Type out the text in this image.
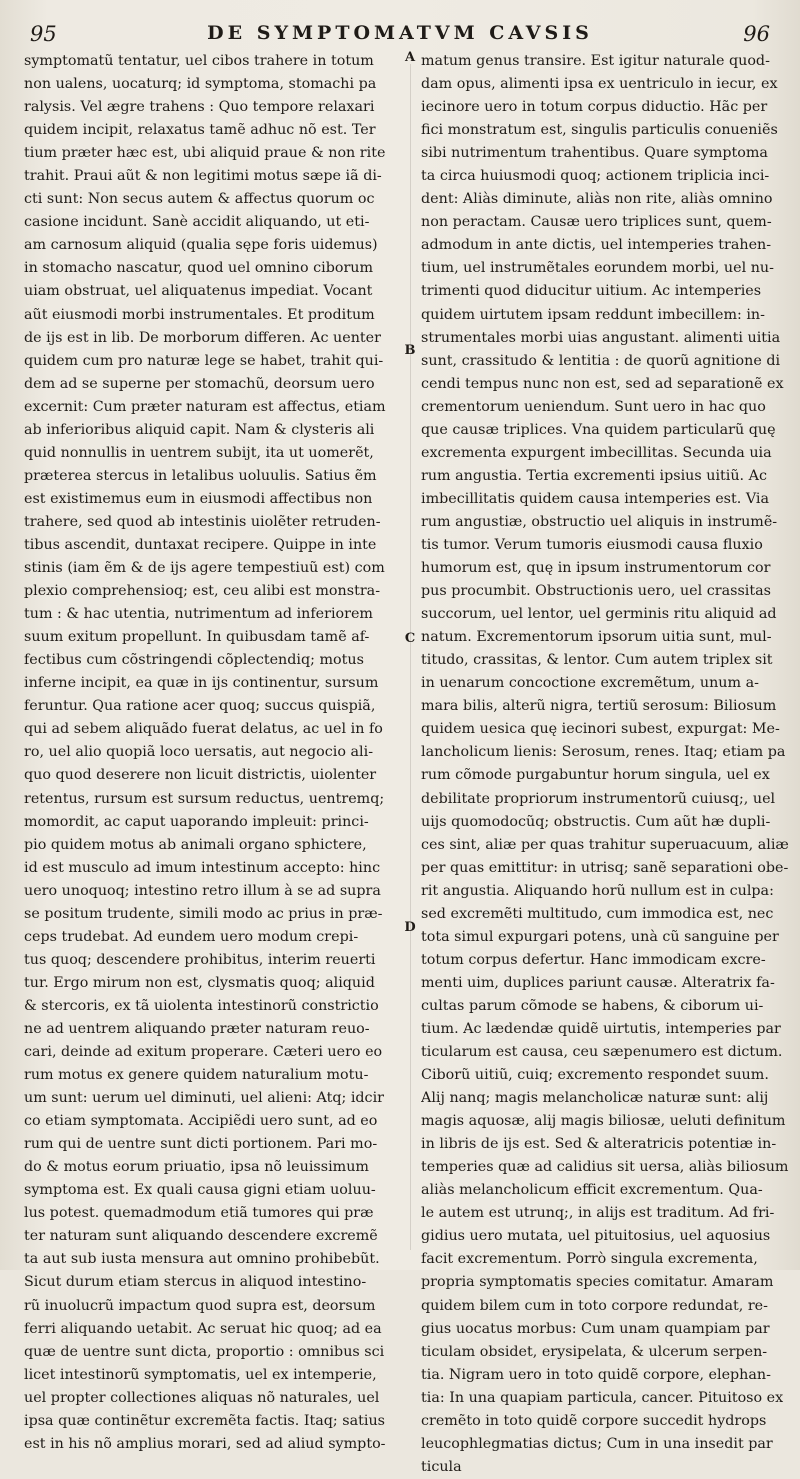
95	DE SYMPTOMATVM CAVSIS	96
symptomatũ tentatur, uel cibos trahere in totum
non ualens, uocaturq; id symptoma, stomachi pa
ralysis. Vel ægre trahens : Quo tempore relaxari
quidem incipit, relaxatus tamẽ adhuc nõ est. Ter
tium præter hæc est, ubi aliquid praue & non rite
trahit. Praui aũt & non legitimi motus sæpe iã di-
cti sunt: Non secus autem & affectus quorum oc
casione incidunt. Sanè accidit aliquando, ut eti-
am carnosum aliquid (qualia sępe foris uidemus)
in stomacho nascatur, quod uel omnino ciborum
uiam obstruat, uel aliquatenus impediat. Vocant
aũt eiusmodi morbi instrumentales. Et proditum
de ijs est in lib. De morborum differen. Ac uenter
quidem cum pro naturæ lege se habet, trahit qui-
dem ad se superne per stomachũ, deorsum uero
excernit: Cum præter naturam est affectus, etiam
ab inferioribus aliquid capit. Nam & clysteris ali
quid nonnullis in uentrem subijt, ita ut uomerẽt,
præterea stercus in letalibus uoluulis. Satius ẽm
est existimemus eum in eiusmodi affectibus non
trahere, sed quod ab intestinis uiolẽter retruden-
tibus ascendit, duntaxat recipere. Quippe in inte
stinis (iam ẽm & de ijs agere tempestiuũ est) com
plexio comprehensioq; est, ceu alibi est monstra-
tum : & hac utentia, nutrimentum ad inferiorem
suum exitum propellunt. In quibusdam tamẽ af-
fectibus cum cõstringendi cõplectendiq; motus
inferne incipit, ea quæ in ijs continentur, sursum
feruntur. Qua ratione acer quoq; succus quispiã,
qui ad sebem aliquãdo fuerat delatus, ac uel in fo
ro, uel alio quopiã loco uersatis, aut negocio ali-
quo quod deserere non licuit districtis, uiolenter
retentus, rursum est sursum reductus, uentremq;
momordit, ac caput uaporando impleuit: princi-
pio quidem motus ab animali organo sphictere,
id est musculo ad imum intestinum accepto: hinc
uero unoquoq; intestino retro illum à se ad supra
se positum trudente, simili modo ac prius in præ-
ceps trudebat. Ad eundem uero modum crepi-
tus quoq; descendere prohibitus, interim reuerti
tur. Ergo mirum non est, clysmatis quoq; aliquid
& stercoris, ex tã uiolenta intestinorũ constrictio
ne ad uentrem aliquando præter naturam reuo-
cari, deinde ad exitum properare. Cæteri uero eo
rum motus ex genere quidem naturalium motu-
um sunt: uerum uel diminuti, uel alieni: Atq; idcir
co etiam symptomata. Accipiẽdi uero sunt, ad eo
rum qui de uentre sunt dicti portionem. Pari mo-
do & motus eorum priuatio, ipsa nõ leuissimum
symptoma est. Ex quali causa gigni etiam uoluu-
lus potest. quemadmodum etiã tumores qui præ
ter naturam sunt aliquando descendere excremẽ
ta aut sub iusta mensura aut omnino prohibebũt.
Sicut durum etiam stercus in aliquod intestino-
rũ inuolucrũ impactum quod supra est, deorsum
ferri aliquando uetabit. Ac seruat hic quoq; ad ea
quæ de uentre sunt dicta, proportio : omnibus sci
licet intestinorũ symptomatis, uel ex intemperie,
uel propter collectiones aliquas nõ naturales, uel
ipsa quæ continẽtur excremẽta factis. Itaq; satius
est in his nõ amplius morari, sed ad aliud sympto-
matum genus transire. Est igitur naturale quod-
dam opus, alimenti ipsa ex uentriculo in iecur, ex
iecinore uero in totum corpus diductio. Hãc per
fici monstratum est, singulis particulis conueniẽs
sibi nutrimentum trahentibus. Quare symptoma
ta circa huiusmodi quoq; actionem triplicia inci-
dent: Aliàs diminute, aliàs non rite, aliàs omnino
non peractam. Causæ uero triplices sunt, quem-
admodum in ante dictis, uel intemperies trahen-
tium, uel instrumẽtales eorundem morbi, uel nu-
trimenti quod diducitur uitium. Ac intemperies
quidem uirtutem ipsam reddunt imbecillem: in-
strumentales morbi uias angustant. alimenti uitia
sunt, crassitudo & lentitia : de quorũ agnitione di
cendi tempus nunc non est, sed ad separationẽ ex
crementorum ueniendum. Sunt uero in hac quo
que causæ triplices. Vna quidem particularũ quę
excrementa expurgent imbecillitas. Secunda uia
rum angustia. Tertia excrementi ipsius uitiũ. Ac
imbecillitatis quidem causa intemperies est. Via
rum angustiæ, obstructio uel aliquis in instrumẽ-
tis tumor. Verum tumoris eiusmodi causa fluxio
humorum est, quę in ipsum instrumentorum cor
pus procumbit. Obstructionis uero, uel crassitas
succorum, uel lentor, uel germinis ritu aliquid ad
natum. Excrementorum ipsorum uitia sunt, mul-
titudo, crassitas, & lentor. Cum autem triplex sit
in uenarum concoctione excremẽtum, unum a-
mara bilis, alterũ nigra, tertiũ serosum: Biliosum
quidem uesica quę iecinori subest, expurgat: Me-
lancholicum lienis: Serosum, renes. Itaq; etiam pa
rum cõmode purgabuntur horum singula, uel ex
debilitate propriorum instrumentorũ cuiusq;, uel
uijs quomodocũq; obstructis. Cum aũt hæ dupli-
ces sint, aliæ per quas trahitur superuacuum, aliæ
per quas emittitur: in utrisq; sanẽ separationi obe-
rit angustia. Aliquando horũ nullum est in culpa:
sed excremẽti multitudo, cum immodica est, nec
tota simul expurgari potens, unà cũ sanguine per
totum corpus defertur. Hanc immodicam excre-
menti uim, duplices pariunt causæ. Alteratrix fa-
cultas parum cõmode se habens, & ciborum ui-
tium. Ac lædendæ quidẽ uirtutis, intemperies par
ticularum est causa, ceu sæpenumero est dictum.
Ciborũ uitiũ, cuiq; excremento respondet suum.
Alij nanq; magis melancholicæ naturæ sunt: alij
magis aquosæ, alij magis biliosæ, ueluti definitum
in libris de ijs est. Sed & alteratricis potentiæ in-
temperies quæ ad calidius sit uersa, aliàs biliosum
aliàs melancholicum efficit excrementum. Qua-
le autem est utrunq;, in alijs est traditum. Ad fri-
gidius uero mutata, uel pituitosius, uel aquosius
facit excrementum. Porrò singula excrementa,
propria symptomatis species comitatur. Amaram
quidem bilem cum in toto corpore redundat, re-
gius uocatus morbus: Cum unam quampiam par
ticulam obsidet, erysipelata, & ulcerum serpen-
tia. Nigram uero in toto quidẽ corpore, elephan-
tia: In una quapiam particula, cancer. Pituitoso ex
cremẽto in toto quidẽ corpore succedit hydrops
leucophlegmatias dictus; Cum in una insedit par
ticula
A
B
C
D
